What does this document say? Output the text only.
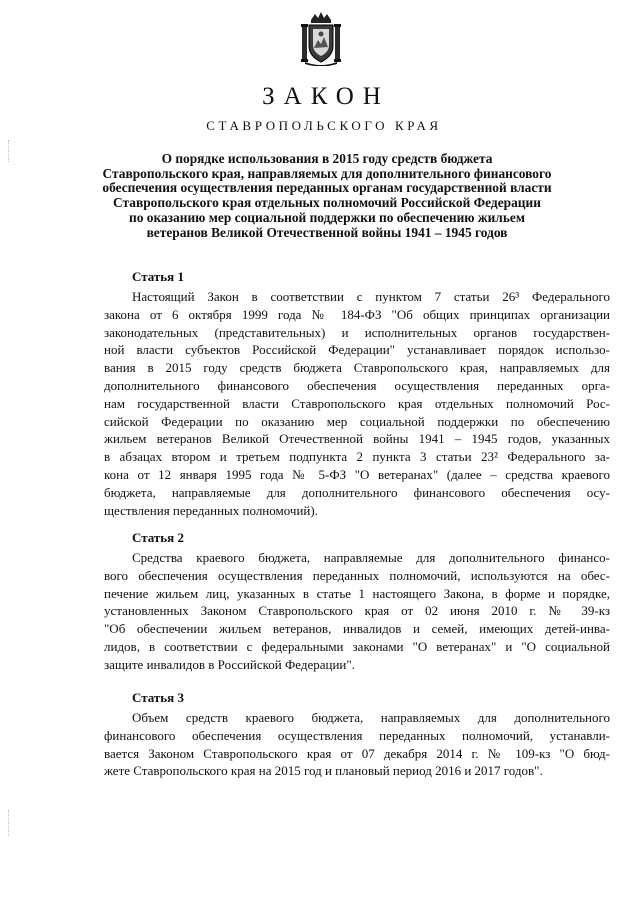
ЗАКОН
СТАВРОПОЛЬСКОГО КРАЯ
О порядке использования в 2015 году средств бюджета
Ставропольского края, направляемых для дополнительного финансового
обеспечения осуществления переданных органам государственной власти
Ставропольского края отдельных полномочий Российской Федерации
по оказанию мер социальной поддержки по обеспечению жильем
ветеранов Великой Отечественной войны 1941 – 1945 годов
Статья 1
Настоящий Закон в соответствии с пунктом 7 статьи 26³ Федерального
закона от 6 октября 1999 года № 184-ФЗ "Об общих принципах организации
законодательных (представительных) и исполнительных органов государствен-
ной власти субъектов Российской Федерации" устанавливает порядок использо-
вания в 2015 году средств бюджета Ставропольского края, направляемых для
дополнительного финансового обеспечения осуществления переданных орга-
нам государственной власти Ставропольского края отдельных полномочий Рос-
сийской Федерации по оказанию мер социальной поддержки по обеспечению
жильем ветеранов Великой Отечественной войны 1941 – 1945 годов, указанных
в абзацах втором и третьем подпункта 2 пункта 3 статьи 23² Федерального за-
кона от 12 января 1995 года № 5-ФЗ "О ветеранах" (далее – средства краевого
бюджета, направляемые для дополнительного финансового обеспечения осу-
ществления переданных полномочий).
Статья 2
Средства краевого бюджета, направляемые для дополнительного финансо-
вого обеспечения осуществления переданных полномочий, используются на обес-
печение жильем лиц, указанных в статье 1 настоящего Закона, в форме и порядке,
установленных Законом Ставропольского края от 02 июня 2010 г. № 39-кз
"Об обеспечении жильем ветеранов, инвалидов и семей, имеющих детей-инва-
лидов, в соответствии с федеральными законами "О ветеранах" и "О социальной
защите инвалидов в Российской Федерации".
Статья 3
Объем средств краевого бюджета, направляемых для дополнительного
финансового обеспечения осуществления переданных полномочий, устанавли-
вается Законом Ставропольского края от 07 декабря 2014 г. № 109-кз "О бюд-
жете Ставропольского края на 2015 год и плановый период 2016 и 2017 годов".
